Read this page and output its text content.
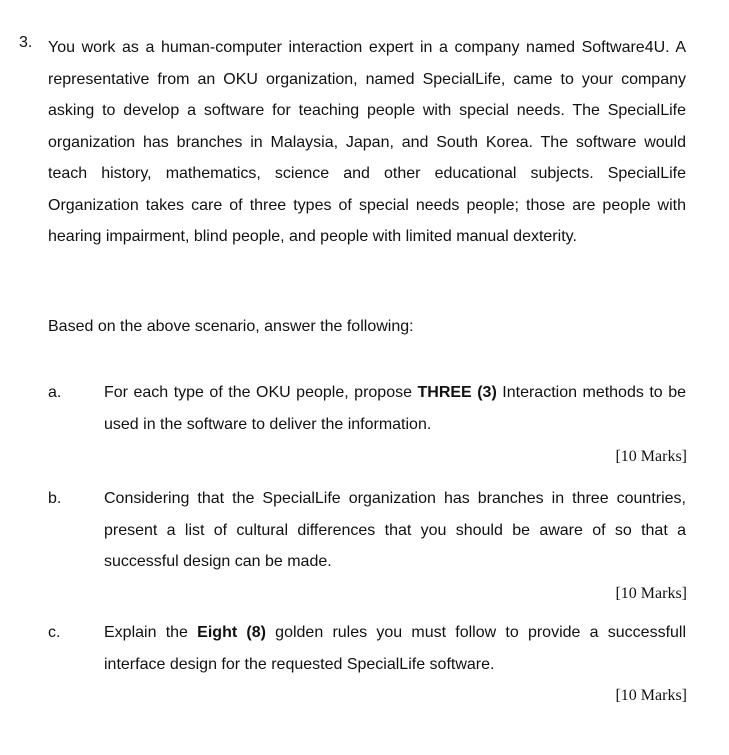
3. You work as a human-computer interaction expert in a company named Software4U. A representative from an OKU organization, named SpecialLife, came to your company asking to develop a software for teaching people with special needs. The SpecialLife organization has branches in Malaysia, Japan, and South Korea. The software would teach history, mathematics, science and other educational subjects. SpecialLife Organization takes care of three types of special needs people; those are people with hearing impairment, blind people, and people with limited manual dexterity.
Based on the above scenario, answer the following:
a.	For each type of the OKU people, propose THREE (3) Interaction methods to be used in the software to deliver the information.
[10 Marks]
b.	Considering that the SpecialLife organization has branches in three countries, present a list of cultural differences that you should be aware of so that a successful design can be made.
[10 Marks]
c.	Explain the Eight (8) golden rules you must follow to provide a successfull interface design for the requested SpecialLife software.
[10 Marks]
